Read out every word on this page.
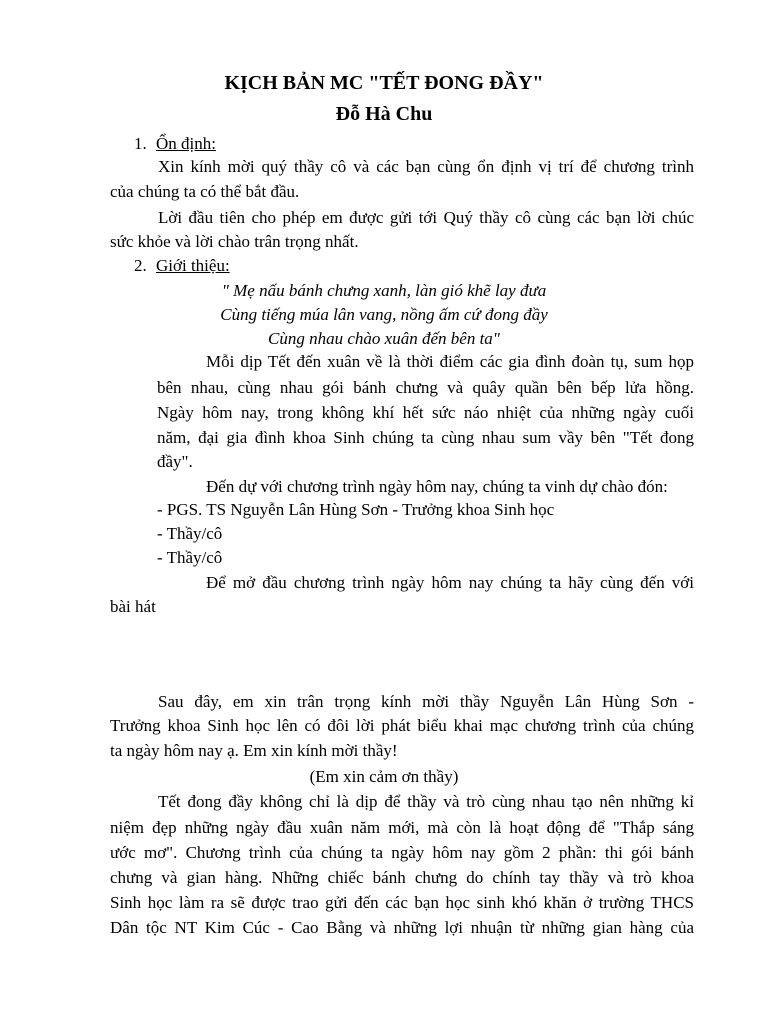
KỊCH BẢN MC "TẾT ĐONG ĐẦY"
Đỗ Hà Chu
1. Ổn định:
Xin kính mời quý thầy cô và các bạn cùng ổn định vị trí để chương trình
của chúng ta có thể bắt đầu.
Lời đầu tiên cho phép em được gửi tới Quý thầy cô cùng các bạn lời chúc
sức khỏe và lời chào trân trọng nhất.
2. Giới thiệu:
" Mẹ nấu bánh chưng xanh, làn gió khẽ lay đưa
Cùng tiếng múa lân vang, nồng ấm cứ đong đầy
Cùng nhau chào xuân đến bên ta"
Mỗi dịp Tết đến xuân về là thời điểm các gia đình đoàn tụ, sum họp
bên nhau, cùng nhau gói bánh chưng và quây quần bên bếp lửa hồng.
Ngày hôm nay, trong không khí hết sức náo nhiệt của những ngày cuối
năm, đại gia đình khoa Sinh chúng ta cùng nhau sum vầy bên "Tết đong
đầy".
Đến dự với chương trình ngày hôm nay, chúng ta vinh dự chào đón:
- PGS. TS Nguyễn Lân Hùng Sơn - Trưởng khoa Sinh học
- Thầy/cô
- Thầy/cô
Để mở đầu chương trình ngày hôm nay chúng ta hãy cùng đến với
bài hát
Sau đây, em xin trân trọng kính mời thầy Nguyễn Lân Hùng Sơn -
Trưởng khoa Sinh học lên có đôi lời phát biểu khai mạc chương trình của chúng
ta ngày hôm nay ạ. Em xin kính mời thầy!
(Em xin cảm ơn thầy)
Tết đong đầy không chỉ là dịp để thầy và trò cùng nhau tạo nên những kỉ
niệm đẹp những ngày đầu xuân năm mới, mà còn là hoạt động để "Thắp sáng
ước mơ". Chương trình của chúng ta ngày hôm nay gồm 2 phần: thi gói bánh
chưng và gian hàng. Những chiếc bánh chưng do chính tay thầy và trò khoa
Sinh học làm ra sẽ được trao gửi đến các bạn học sinh khó khăn ở trường THCS
Dân tộc NT Kim Cúc - Cao Bằng và những lợi nhuận từ những gian hàng của
